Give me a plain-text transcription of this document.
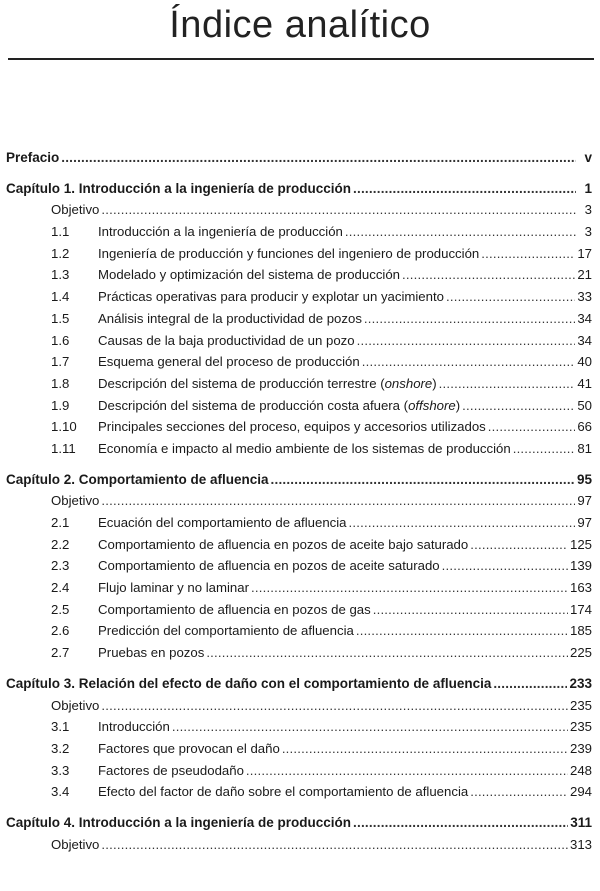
Índice analítico
Prefacio .....	v
Capítulo 1. Introducción a la ingeniería de producción .....	1
Objetivo .....	3
1.1	Introducción a la ingeniería de producción .....	3
1.2	Ingeniería de producción y funciones del ingeniero de producción .....	17
1.3	Modelado y optimización del sistema de producción .....	21
1.4	Prácticas operativas para producir y explotar un yacimiento .....	33
1.5	Análisis integral de la productividad de pozos .....	34
1.6	Causas de la baja productividad de un pozo .....	34
1.7	Esquema general del proceso de producción .....	40
1.8	Descripción del sistema de producción terrestre (onshore) .....	41
1.9	Descripción del sistema de producción costa afuera (offshore) .....	50
1.10	Principales secciones del proceso, equipos y accesorios utilizados .....	66
1.11	Economía e impacto al medio ambiente de los sistemas de producción .....	81
Capítulo 2. Comportamiento de afluencia .....	95
Objetivo .....	97
2.1	Ecuación del comportamiento de afluencia .....	97
2.2	Comportamiento de afluencia en pozos de aceite bajo saturado .....	125
2.3	Comportamiento de afluencia en pozos de aceite saturado .....	139
2.4	Flujo laminar y no laminar .....	163
2.5	Comportamiento de afluencia en pozos de gas .....	174
2.6	Predicción del comportamiento de afluencia .....	185
2.7	Pruebas en pozos .....	225
Capítulo 3. Relación del efecto de daño con el comportamiento de afluencia .....	233
Objetivo .....	235
3.1	Introducción .....	235
3.2	Factores que provocan el daño .....	239
3.3	Factores de pseudodaño .....	248
3.4	Efecto del factor de daño sobre el comportamiento de afluencia .....	294
Capítulo 4. Introducción a la ingeniería de producción .....	311
Objetivo .....	313
